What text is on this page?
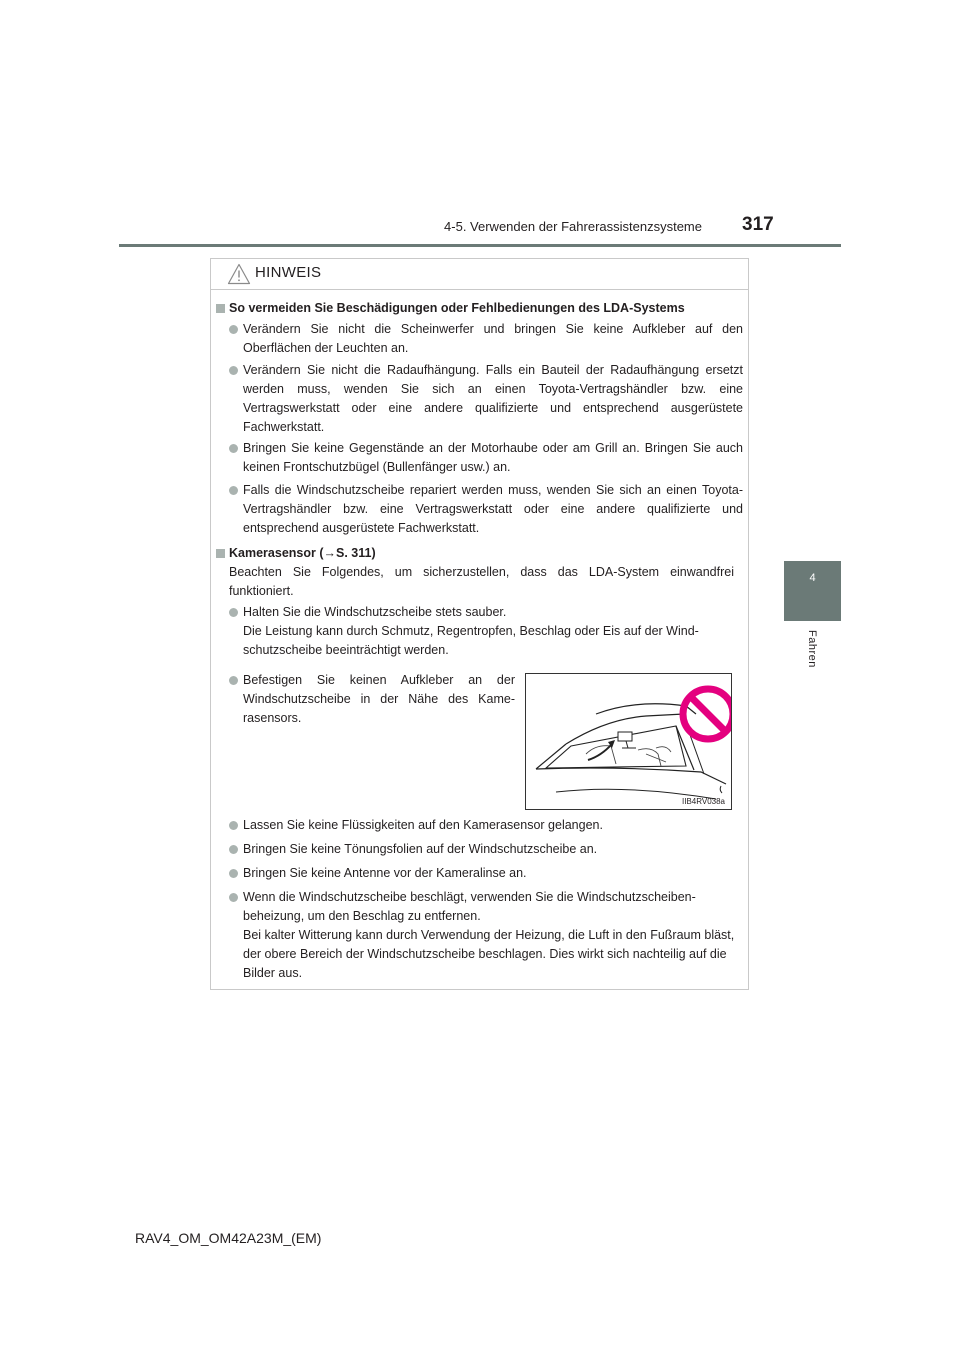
4-5. Verwenden der Fahrerassistenzsysteme 317
4
Fahren
HINWEIS
So vermeiden Sie Beschädigungen oder Fehlbedienungen des LDA-Systems
Verändern Sie nicht die Scheinwerfer und bringen Sie keine Aufkleber auf den Oberflächen der Leuchten an.
Verändern Sie nicht die Radaufhängung. Falls ein Bauteil der Radaufhängung ersetzt werden muss, wenden Sie sich an einen Toyota-Vertragshändler bzw. eine Vertragswerkstatt oder eine andere qualifizierte und entsprechend ausgerüstete Fachwerkstatt.
Bringen Sie keine Gegenstände an der Motorhaube oder am Grill an. Bringen Sie auch keinen Frontschutzbügel (Bullenfänger usw.) an.
Falls die Windschutzscheibe repariert werden muss, wenden Sie sich an einen Toyota-Vertragshändler bzw. eine Vertragswerkstatt oder eine andere qualifizierte und entsprechend ausgerüstete Fachwerkstatt.
Kamerasensor (→S. 311)
Beachten Sie Folgendes, um sicherzustellen, dass das LDA-System einwandfrei funktioniert.
Halten Sie die Windschutzscheibe stets sauber.
Die Leistung kann durch Schmutz, Regentropfen, Beschlag oder Eis auf der Windschutzscheibe beeinträchtigt werden.
Befestigen Sie keinen Aufkleber an der Windschutzscheibe in der Nähe des Kamerasensors.
IIB4RV038a
Lassen Sie keine Flüssigkeiten auf den Kamerasensor gelangen.
Bringen Sie keine Tönungsfolien auf der Windschutzscheibe an.
Bringen Sie keine Antenne vor der Kameralinse an.
Wenn die Windschutzscheibe beschlägt, verwenden Sie die Windschutzscheibenbeheizung, um den Beschlag zu entfernen.
Bei kalter Witterung kann durch Verwendung der Heizung, die Luft in den Fußraum bläst, der obere Bereich der Windschutzscheibe beschlagen. Dies wirkt sich nachteilig auf die Bilder aus.
RAV4_OM_OM42A23M_(EM)
